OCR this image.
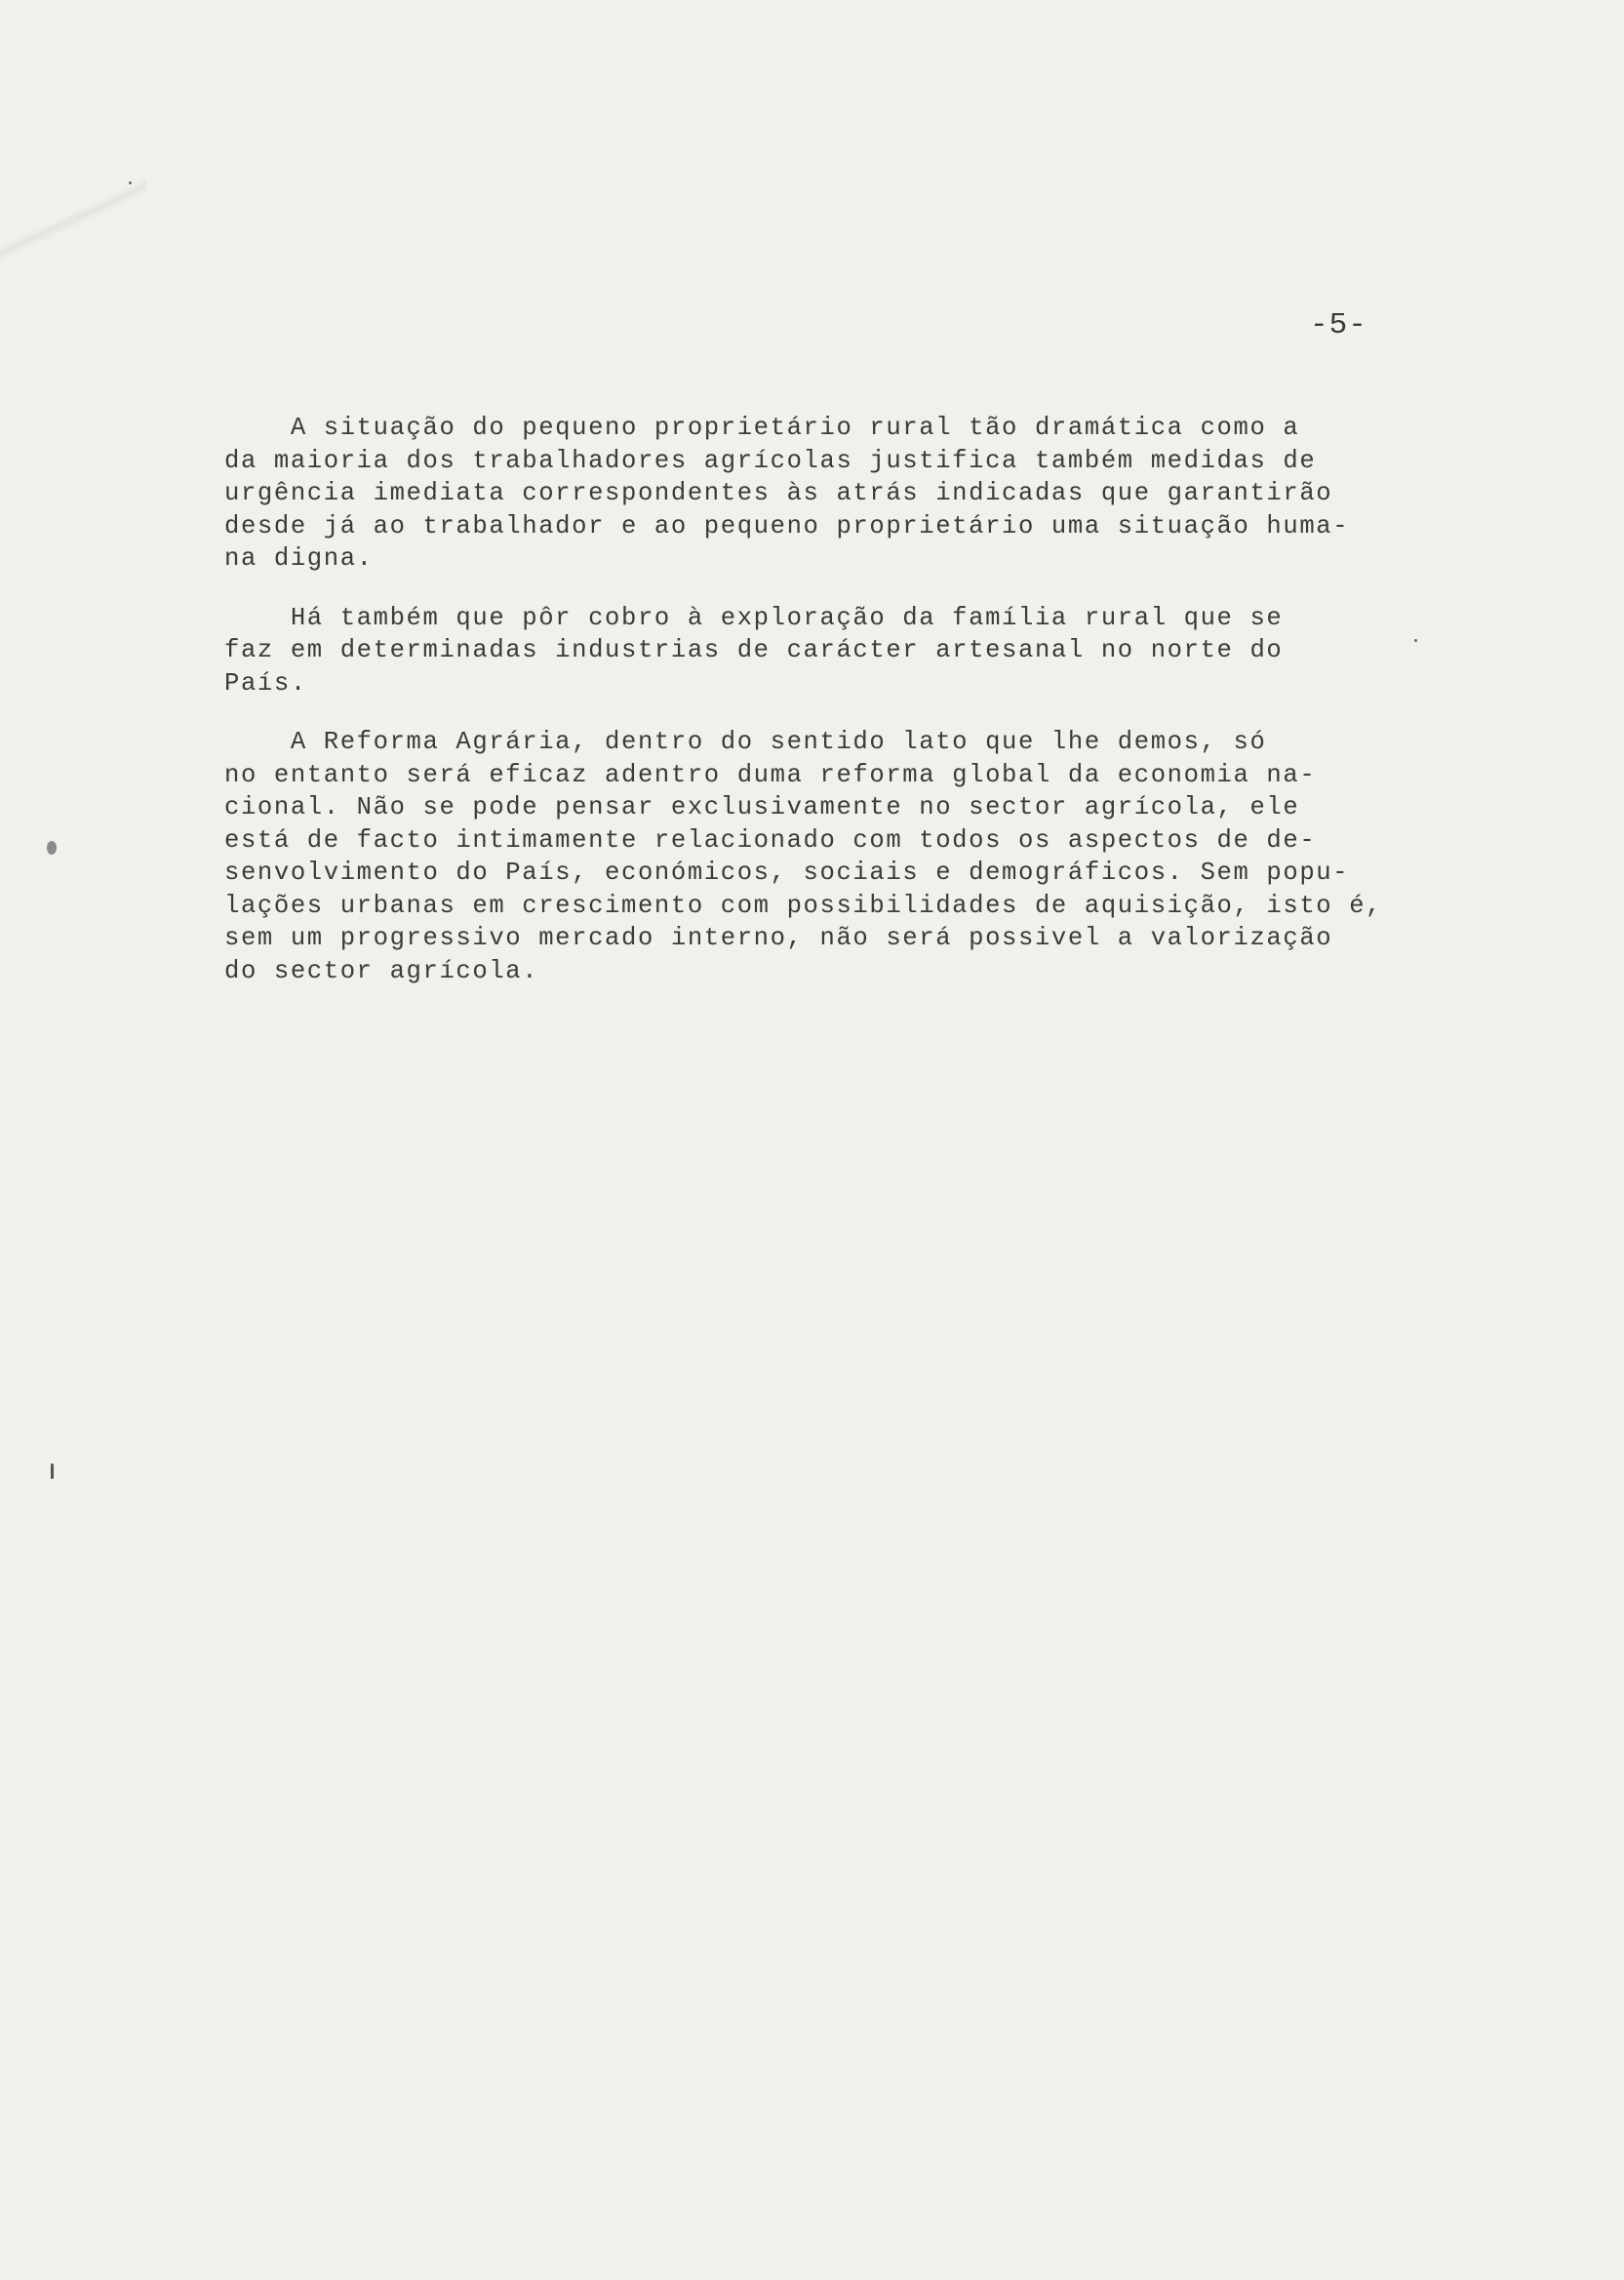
-5-

A situação do pequeno proprietário rural tão dramática como a
da maioria dos trabalhadores agrícolas justifica também medidas de
urgência imediata correspondentes às atrás indicadas que garantirão
desde já ao trabalhador e ao pequeno proprietário uma situação huma-
na digna.

Há também que pôr cobro à exploração da família rural que se
faz em determinadas industrias de carácter artesanal no norte do
País.

A Reforma Agrária, dentro do sentido lato que lhe demos, só
no entanto será eficaz adentro duma reforma global da economia na-
cional. Não se pode pensar exclusivamente no sector agrícola, ele
está de facto intimamente relacionado com todos os aspectos de de-
senvolvimento do País, económicos, sociais e demográficos. Sem popu-
lações urbanas em crescimento com possibilidades de aquisição, isto é,
sem um progressivo mercado interno, não será possivel a valorização
do sector agrícola.
